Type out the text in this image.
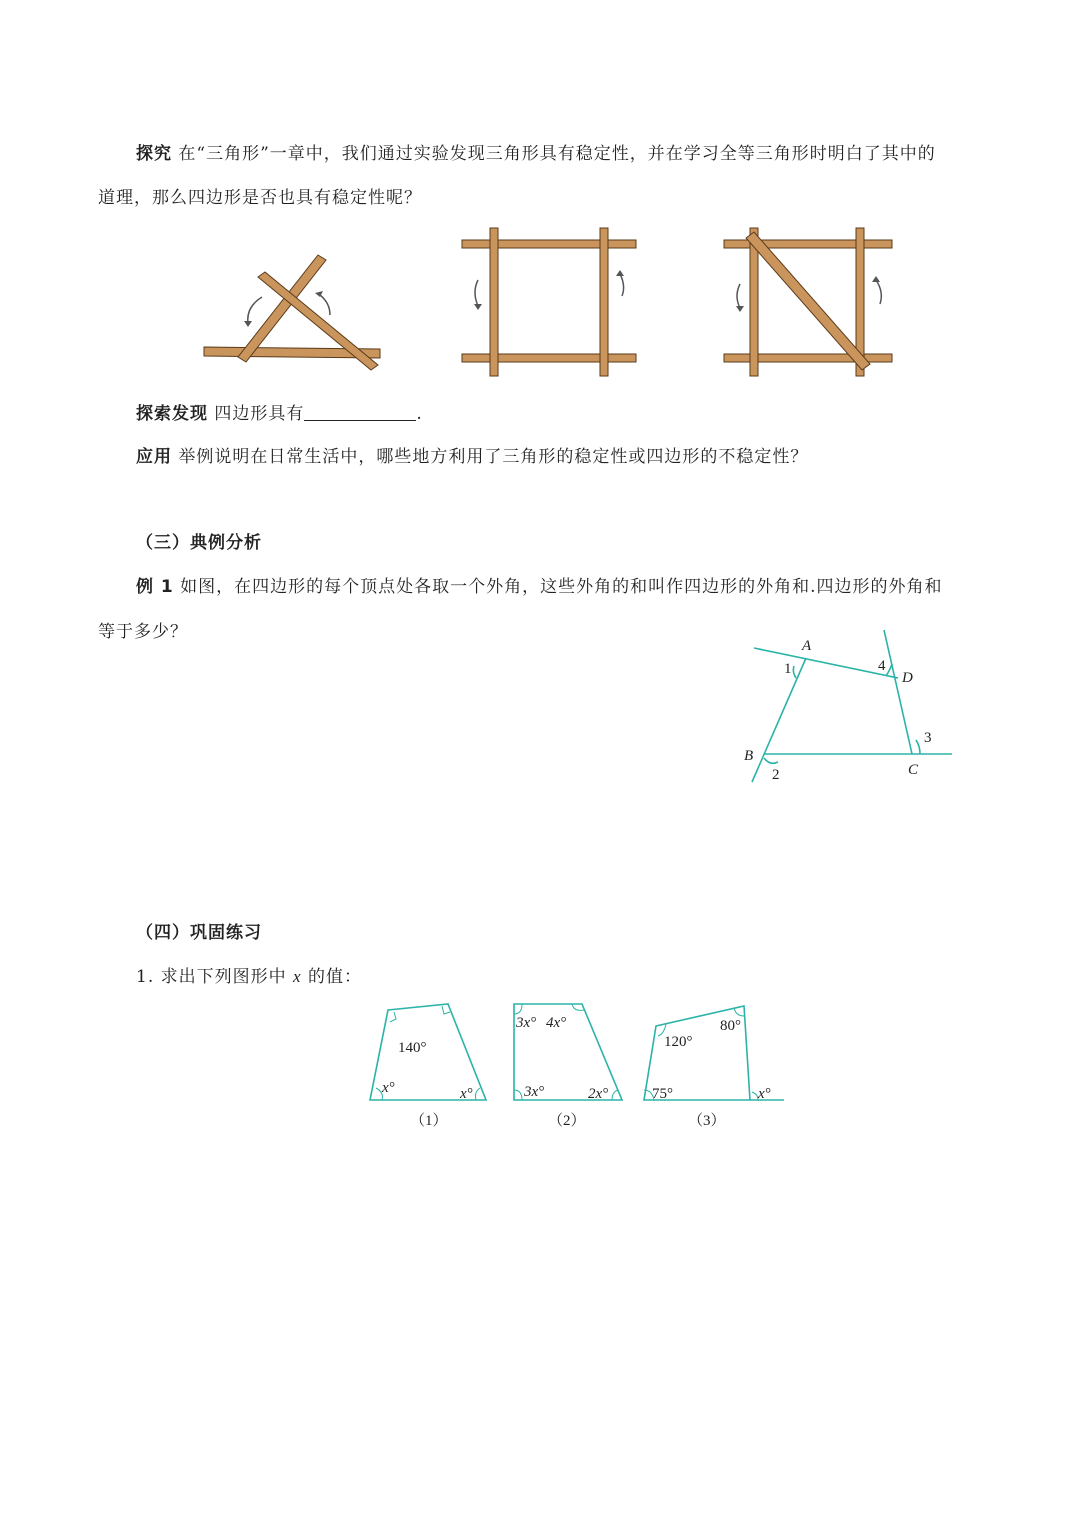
探究 在“三角形”一章中，我们通过实验发现三角形具有稳定性，并在学习全等三角形时明白了其中的
道理，那么四边形是否也具有稳定性呢？
探索发现 四边形具有	.
应用 举例说明在日常生活中，哪些地方利用了三角形的稳定性或四边形的不稳定性？
（三）典例分析
例 1 如图，在四边形的每个顶点处各取一个外角，这些外角的和叫作四边形的外角和.四边形的外角和
等于多少？
A
B
C
D
1
2
3
4
（四）巩固练习
1. 求出下列图形中 x 的值：
140°
x°	x°
（1）
3x° 4x°
3x°	2x°
（2）
120°
80°
75°	x°
（3）
